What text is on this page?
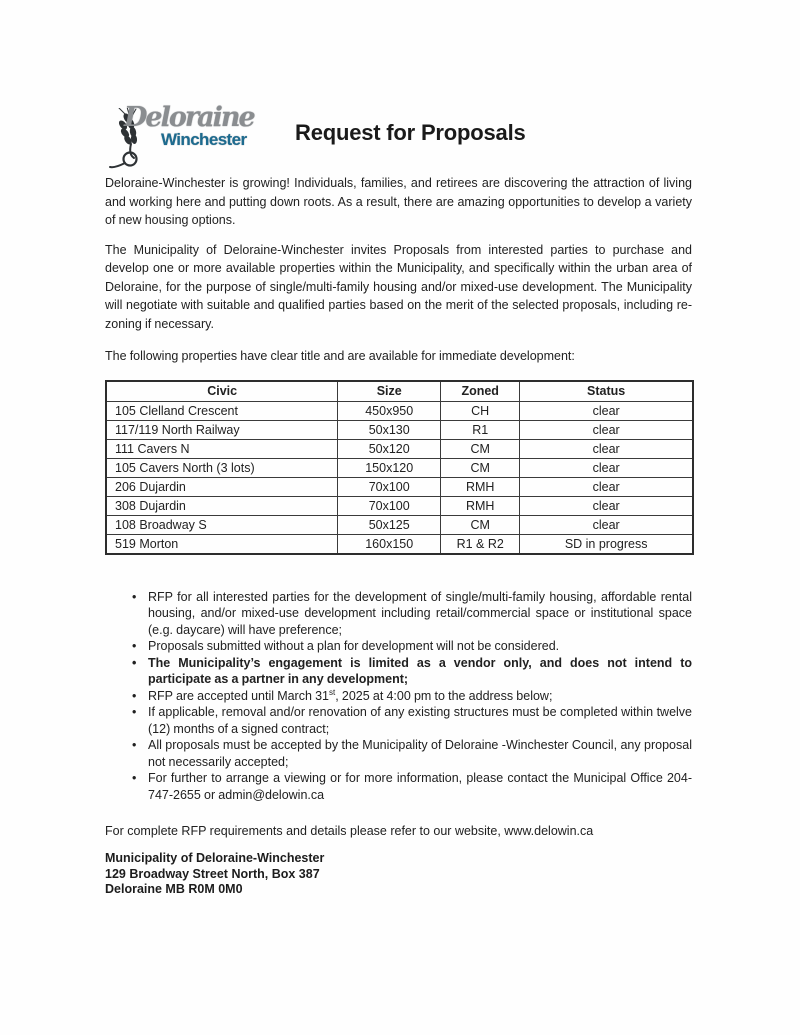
Deloraine
Winchester Request for Proposals

Deloraine-Winchester is growing! Individuals, families, and retirees are discovering the attraction of living and working here and putting down roots. As a result, there are amazing opportunities to develop a variety of new housing options.

The Municipality of Deloraine-Winchester invites Proposals from interested parties to purchase and develop one or more available properties within the Municipality, and specifically within the urban area of Deloraine, for the purpose of single/multi-family housing and/or mixed-use development. The Municipality will negotiate with suitable and qualified parties based on the merit of the selected proposals, including re-zoning if necessary.

The following properties have clear title and are available for immediate development:

Civic	Size	Zoned	Status
105 Clelland Crescent	450x950	CH	clear
117/119 North Railway	50x130	R1	clear
111 Cavers N	50x120	CM	clear
105 Cavers North (3 lots)	150x120	CM	clear
206 Dujardin	70x100	RMH	clear
308 Dujardin	70x100	RMH	clear
108 Broadway S	50x125	CM	clear
519 Morton	160x150	R1 & R2	SD in progress
• RFP for all interested parties for the development of single/multi-family housing, affordable rental housing, and/or mixed-use development including retail/commercial space or institutional space (e.g. daycare) will have preference;
• Proposals submitted without a plan for development will not be considered.
• The Municipality’s engagement is limited as a vendor only, and does not intend to participate as a partner in any development;
• RFP are accepted until March 31st, 2025 at 4:00 pm to the address below;
• If applicable, removal and/or renovation of any existing structures must be completed within twelve (12) months of a signed contract;
• All proposals must be accepted by the Municipality of Deloraine -Winchester Council, any proposal not necessarily accepted;
• For further to arrange a viewing or for more information, please contact the Municipal Office 204-747-2655 or admin@delowin.ca

For complete RFP requirements and details please refer to our website, www.delowin.ca

Municipality of Deloraine-Winchester
129 Broadway Street North, Box 387
Deloraine MB R0M 0M0
